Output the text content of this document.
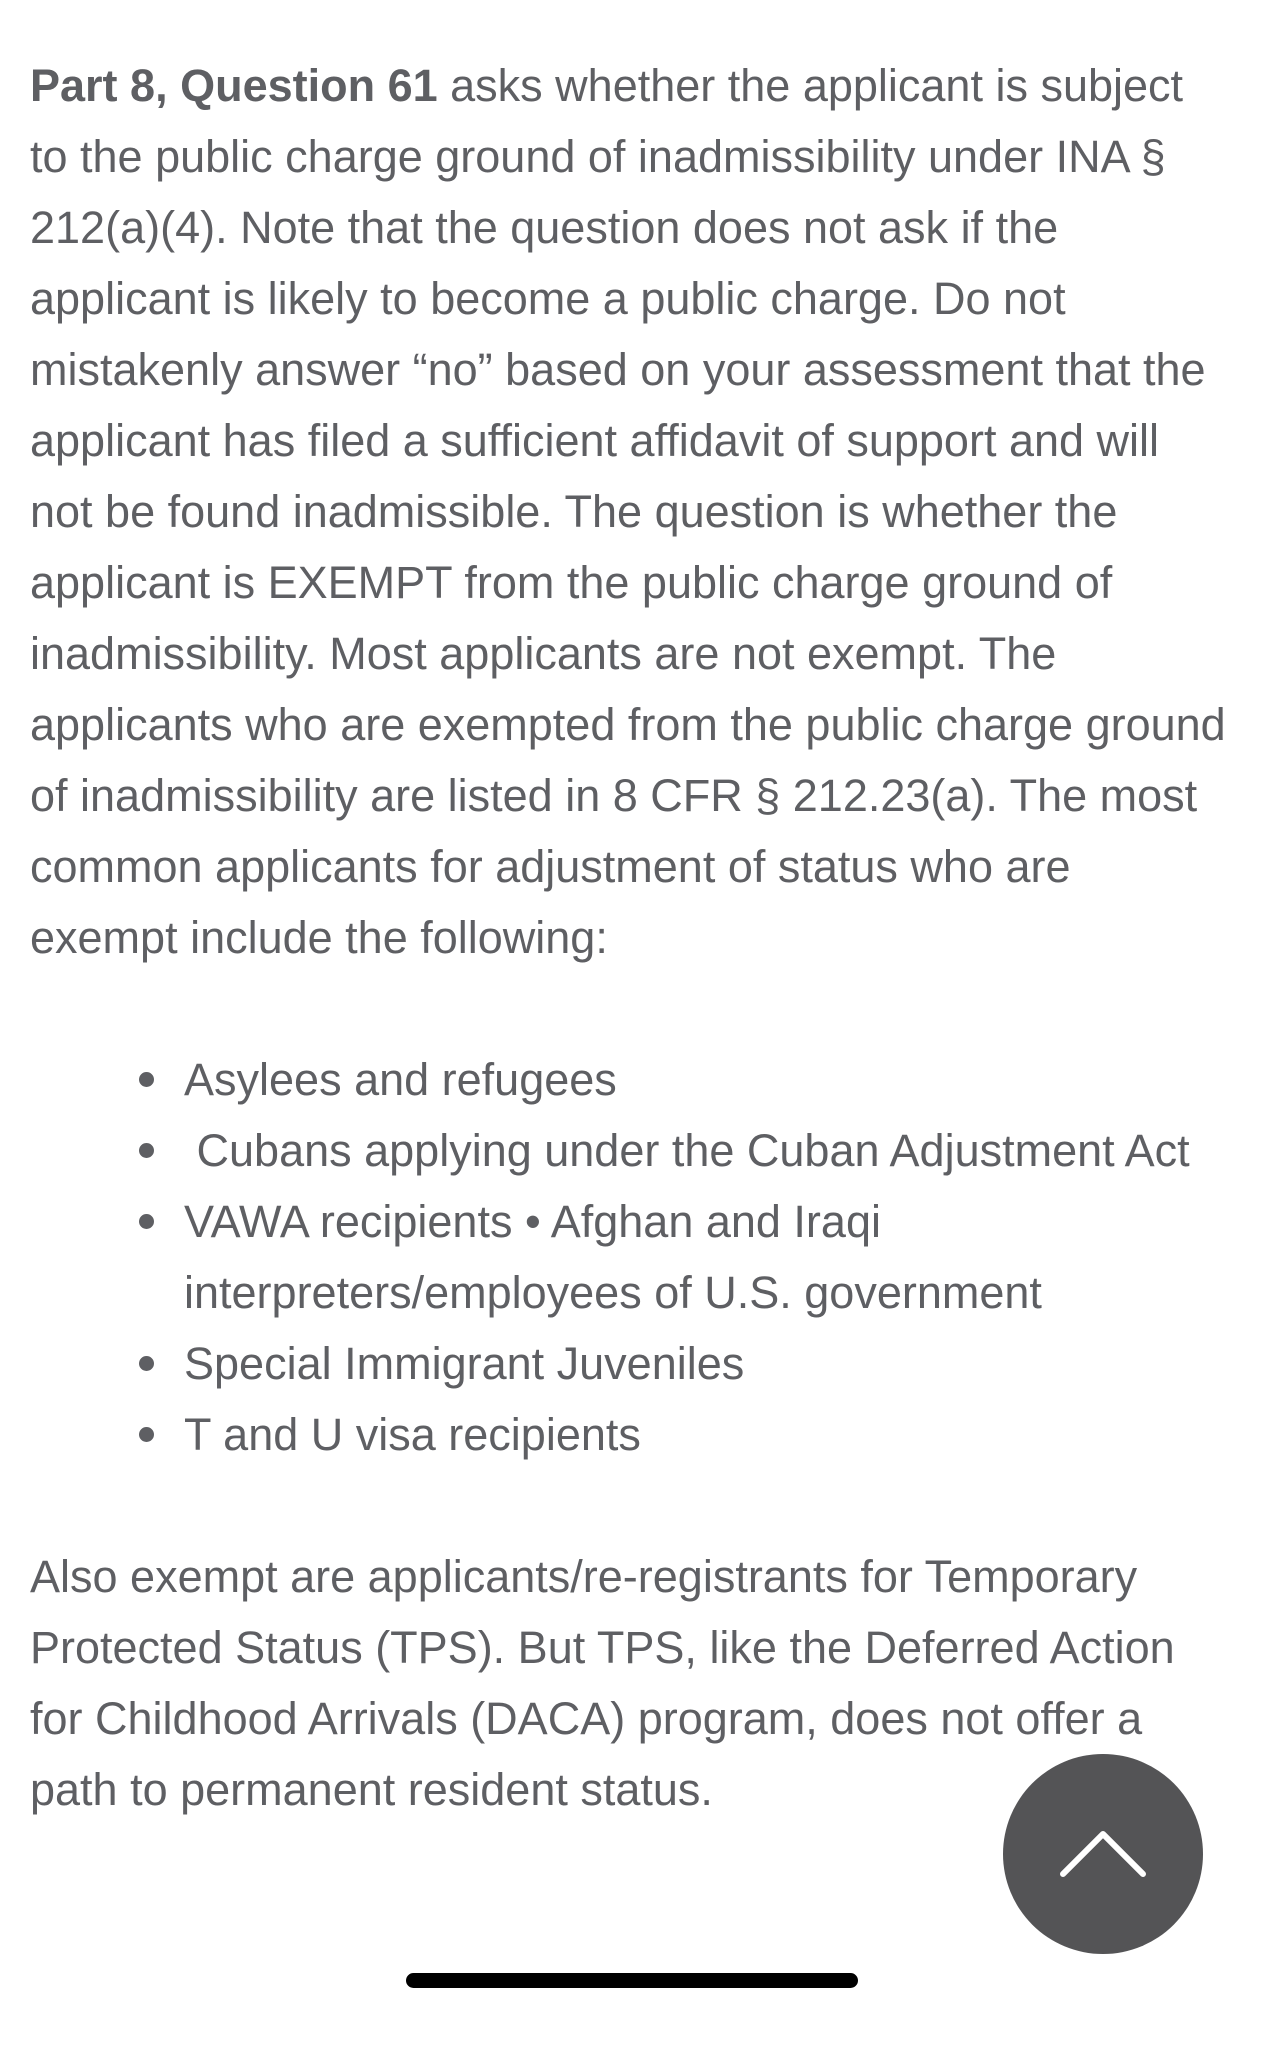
Part 8, Question 61 asks whether the applicant is subject to the public charge ground of inadmissibility under INA § 212(a)(4). Note that the question does not ask if the applicant is likely to become a public charge. Do not mistakenly answer “no” based on your assessment that the applicant has filed a sufficient affidavit of support and will not be found inadmissible. The question is whether the applicant is EXEMPT from the public charge ground of inadmissibility. Most applicants are not exempt. The applicants who are exempted from the public charge ground of inadmissibility are listed in 8 CFR § 212.23(a). The most common applicants for adjustment of status who are exempt include the following:

Asylees and refugees
Cubans applying under the Cuban Adjustment Act
VAWA recipients • Afghan and Iraqi interpreters/employees of U.S. government
Special Immigrant Juveniles
T and U visa recipients

Also exempt are applicants/re-registrants for Temporary Protected Status (TPS). But TPS, like the Deferred Action for Childhood Arrivals (DACA) program, does not offer a path to permanent resident status.
